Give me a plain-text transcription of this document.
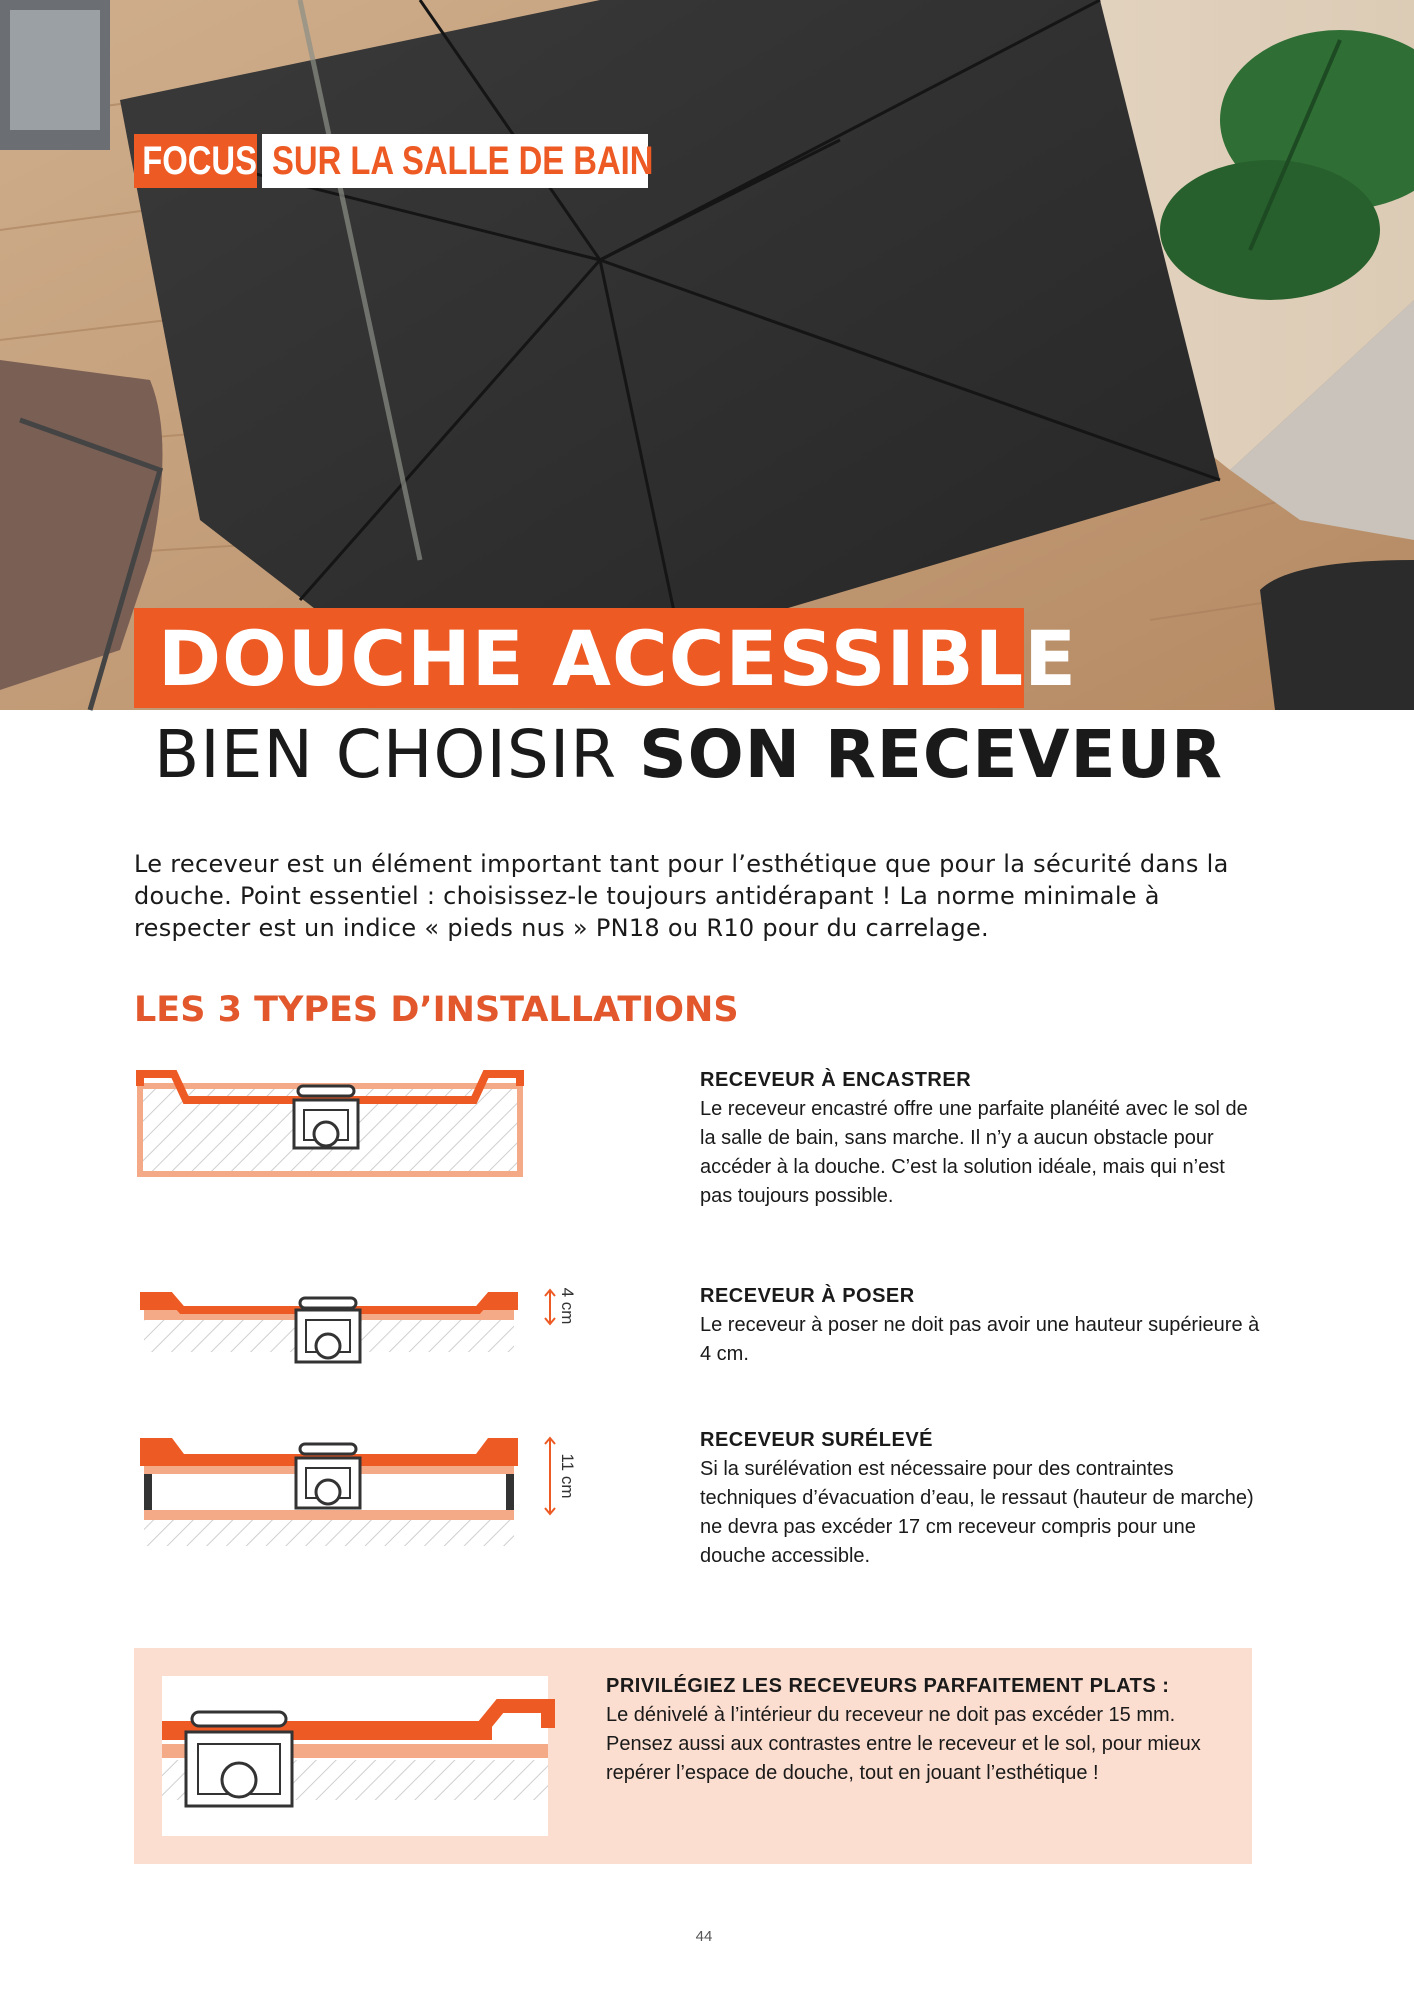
FOCUS SUR LA SALLE DE BAIN
DOUCHE ACCESSIBLE
BIEN CHOISIR SON RECEVEUR

Le receveur est un élément important tant pour l’esthétique que pour la sécurité dans la douche. Point essentiel : choisissez-le toujours antidérapant ! La norme minimale à respecter est un indice « pieds nus » PN18 ou R10 pour du carrelage.

LES 3 TYPES D’INSTALLATIONS
4 cm
11 cm
RECEVEUR À ENCASTRER
Le receveur encastré offre une parfaite planéité avec le sol de la salle de bain, sans marche. Il n’y a aucun obstacle pour accéder à la douche. C’est la solution idéale, mais qui n’est pas toujours possible.
RECEVEUR À POSER
Le receveur à poser ne doit pas avoir une hauteur supérieure à 4 cm.
RECEVEUR SURÉLEVÉ
Si la surélévation est nécessaire pour des contraintes techniques d’évacuation d’eau, le ressaut (hauteur de marche) ne devra pas excéder 17 cm receveur compris pour une douche accessible.
PRIVILÉGIEZ LES RECEVEURS PARFAITEMENT PLATS :
Le dénivelé à l’intérieur du receveur ne doit pas excéder 15 mm. Pensez aussi aux contrastes entre le receveur et le sol, pour mieux repérer l’espace de douche, tout en jouant l’esthétique !
44
